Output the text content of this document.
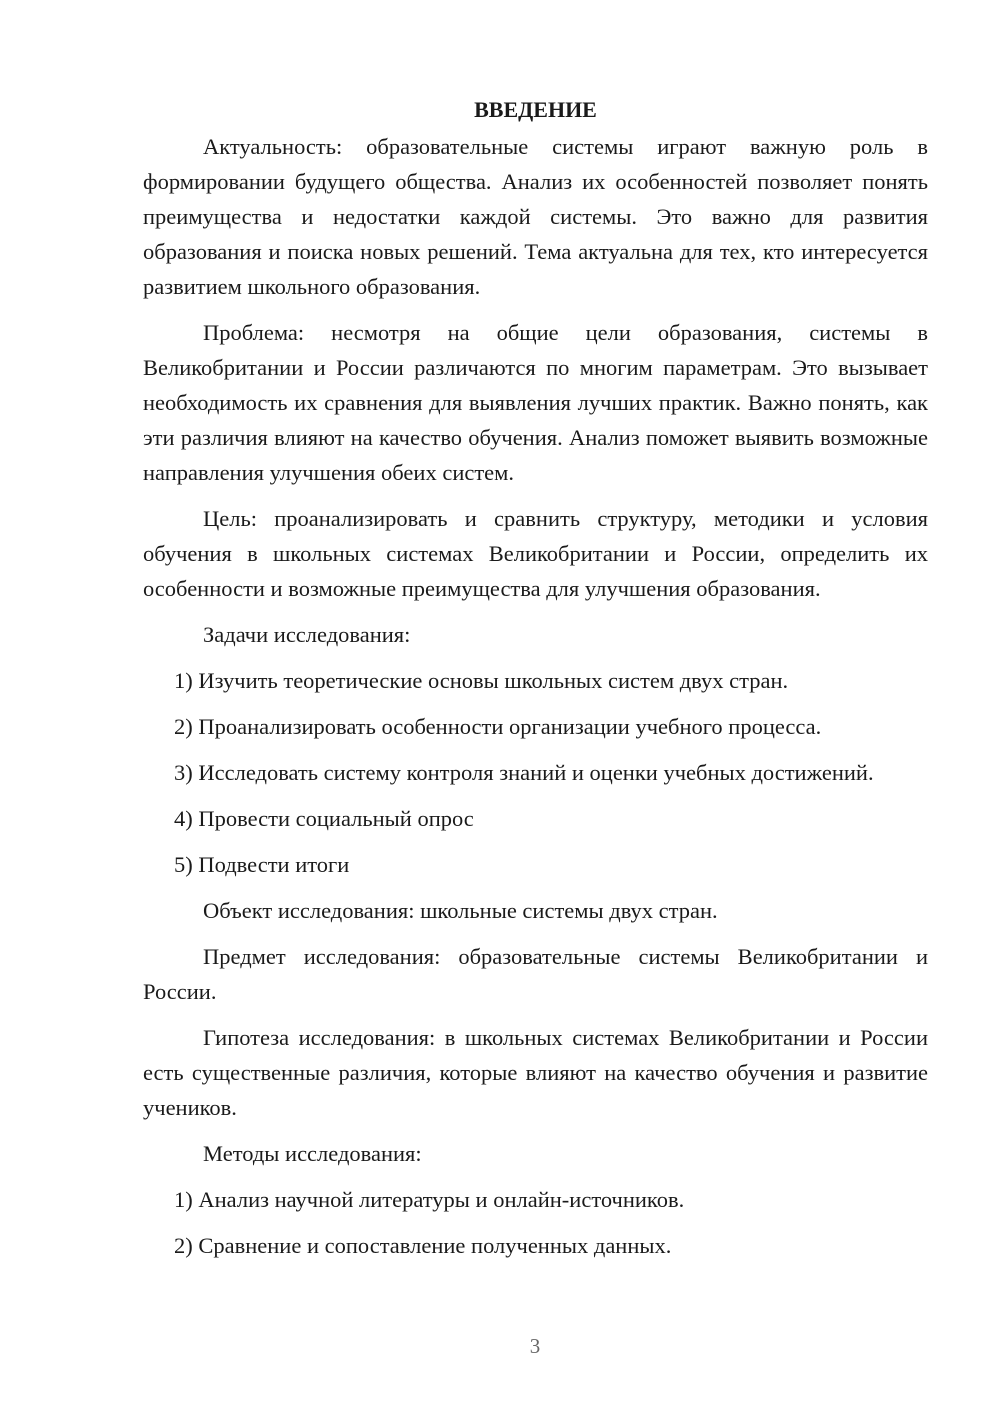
ВВЕДЕНИЕ

Актуальность: образовательные системы играют важную роль в формировании будущего общества. Анализ их особенностей позволяет понять преимущества и недостатки каждой системы. Это важно для развития образования и поиска новых решений. Тема актуальна для тех, кто интересуется развитием школьного образования.

Проблема: несмотря на общие цели образования, системы в Великобритании и России различаются по многим параметрам. Это вызывает необходимость их сравнения для выявления лучших практик. Важно понять, как эти различия влияют на качество обучения. Анализ поможет выявить возможные направления улучшения обеих систем.

Цель: проанализировать и сравнить структуру, методики и условия обучения в школьных системах Великобритании и России, определить их особенности и возможные преимущества для улучшения образования.

Задачи исследования:

1) Изучить теоретические основы школьных систем двух стран.

2) Проанализировать особенности организации учебного процесса.

3) Исследовать систему контроля знаний и оценки учебных достижений.

4) Провести социальный опрос

5) Подвести итоги

Объект исследования: школьные системы двух стран.

Предмет исследования: образовательные системы Великобритании и России.

Гипотеза исследования: в школьных системах Великобритании и России есть существенные различия, которые влияют на качество обучения и развитие учеников.

Методы исследования:

1) Анализ научной литературы и онлайн-источников.

2) Сравнение и сопоставление полученных данных.

3
